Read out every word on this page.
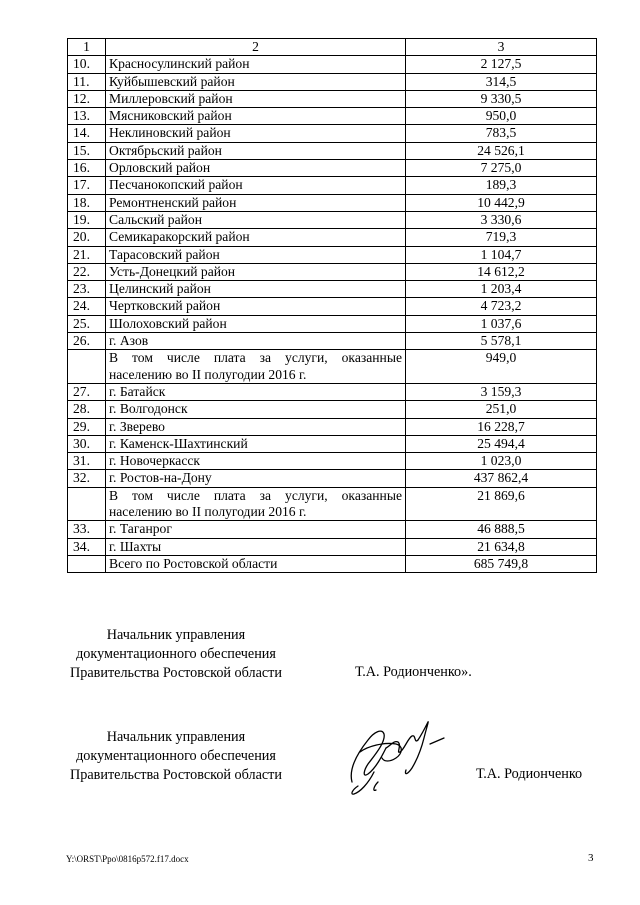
1	2	3
10.	Красносулинский район	2 127,5
11.	Куйбышевский район	314,5
12.	Миллеровский район	9 330,5
13.	Мясниковский район	950,0
14.	Неклиновский район	783,5
15.	Октябрьский район	24 526,1
16.	Орловский район	7 275,0
17.	Песчанокопский район	189,3
18.	Ремонтненский район	10 442,9
19.	Сальский район	3 330,6
20.	Семикаракорский район	719,3
21.	Тарасовский район	1 104,7
22.	Усть-Донецкий район	14 612,2
23.	Целинский район	1 203,4
24.	Чертковский район	4 723,2
25.	Шолоховский район	1 037,6
26.	г. Азов	5 578,1
	В том числе плата за услуги, оказанные населению во II полугодии 2016 г.	949,0
27.	г. Батайск	3 159,3
28.	г. Волгодонск	251,0
29.	г. Зверево	16 228,7
30.	г. Каменск-Шахтинский	25 494,4
31.	г. Новочеркасск	1 023,0
32.	г. Ростов-на-Дону	437 862,4
	В том числе плата за услуги, оказанные населению во II полугодии 2016 г.	21 869,6
33.	г. Таганрог	46 888,5
34.	г. Шахты	21 634,8
	Всего по Ростовской области	685 749,8
Начальник управления
документационного обеспечения
Правительства Ростовской области	Т.А. Родионченко».
Начальник управления
документационного обеспечения
Правительства Ростовской области	Т.А. Родионченко
Y:\ORST\Ppo\0816p572.f17.docx	3
